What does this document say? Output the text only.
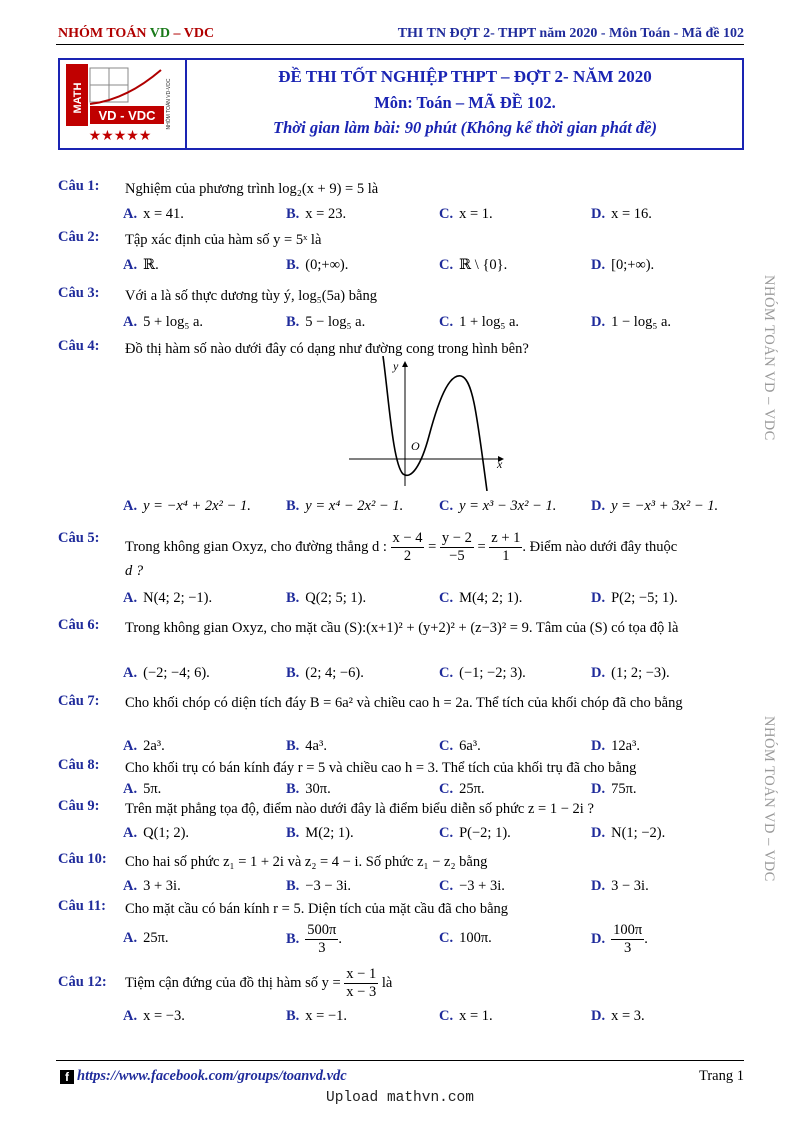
NHÓM TOÁN VD – VDC	THI TN ĐỢT 2- THPT năm 2020 - Môn Toán - Mã đề 102
MATH
VD - VDC NHÓM TOÁN VD-VDC
★★★★★
ĐỀ THI TỐT NGHIỆP THPT – ĐỢT 2- NĂM 2020
Môn: Toán – MÃ ĐỀ 102.
Thời gian làm bài: 90 phút (Không kể thời gian phát đề)
NHÓM TOÁN VD – VDC
NHÓM TOÁN VD – VDC
Câu 1: Nghiệm của phương trình log₂(x + 9) = 5 là
A. x = 41.	B. x = 23.	C. x = 1.	D. x = 16.
Câu 2: Tập xác định của hàm số y = 5ˣ là
A. ℝ.	B. (0;+∞).	C. ℝ \ {0}.	D. [0;+∞).
Câu 3: Với a là số thực dương tùy ý, log₅(5a) bằng
A. 5 + log₅ a.	B. 5 − log₅ a.	C. 1 + log₅ a.	D. 1 − log₅ a.
Câu 4: Đồ thị hàm số nào dưới đây có dạng như đường cong trong hình bên?
y
x
O
A. y = −x⁴ + 2x² − 1. B. y = x⁴ − 2x² − 1. C. y = x³ − 3x² − 1. D. y = −x³ + 3x² − 1.
Câu 5:
Trong không gian Oxyz, cho đường thẳng d : $\frac{x - 4}{2} = \frac{y - 2}{-5} = \frac{z + 1}{1}$ . Điểm nào dưới đây thuộc
d ?
A. N(4; 2; −1).	B. Q(2; 5; 1).	C. M(4; 2; 1).	D. P(2; −5; 1).
Câu 6: Trong không gian Oxyz, cho mặt cầu (S):(x+1)² + (y+2)² + (z−3)² = 9. Tâm của (S) có tọa độ là
A. (−2; −4; 6).	B. (2; 4; −6).	C. (−1; −2; 3).	D. (1; 2; −3).
Câu 7: Cho khối chóp có diện tích đáy B = 6a² và chiều cao h = 2a. Thể tích của khối chóp đã cho bằng
A. 2a³.	B. 4a³.	C. 6a³.	D. 12a³.
Câu 8: Cho khối trụ có bán kính đáy r = 5 và chiều cao h = 3. Thể tích của khối trụ đã cho bằng
A. 5π.	B. 30π.	C. 25π.	D. 75π.
Câu 9: Trên mặt phẳng tọa độ, điểm nào dưới đây là điểm biểu diễn số phức z = 1 − 2i ?
A. Q(1; 2).	B. M(2; 1).	C. P(−2; 1).	D. N(1; −2).
Câu 10: Cho hai số phức z₁ = 1 + 2i và z₂ = 4 − i. Số phức z₁ − z₂ bằng
A. 3 + 3i.	B. −3 − 3i.	C. −3 + 3i.	D. 3 − 3i.
Câu 11: Cho mặt cầu có bán kính r = 5. Diện tích của mặt cầu đã cho bằng
A. 25π.	B. $\frac{500\pi}{3}$ .	C. 100π.	D. $\frac{100\pi}{3}$ .
Câu 12: Tiệm cận đứng của đồ thị hàm số $y = \frac{x - 1}{x - 3}$ là
A. x = −3.	B. x = −1.	C. x = 1.	D. x = 3.
f https://www.facebook.com/groups/toanvd.vdc	Trang 1
Upload mathvn.com
